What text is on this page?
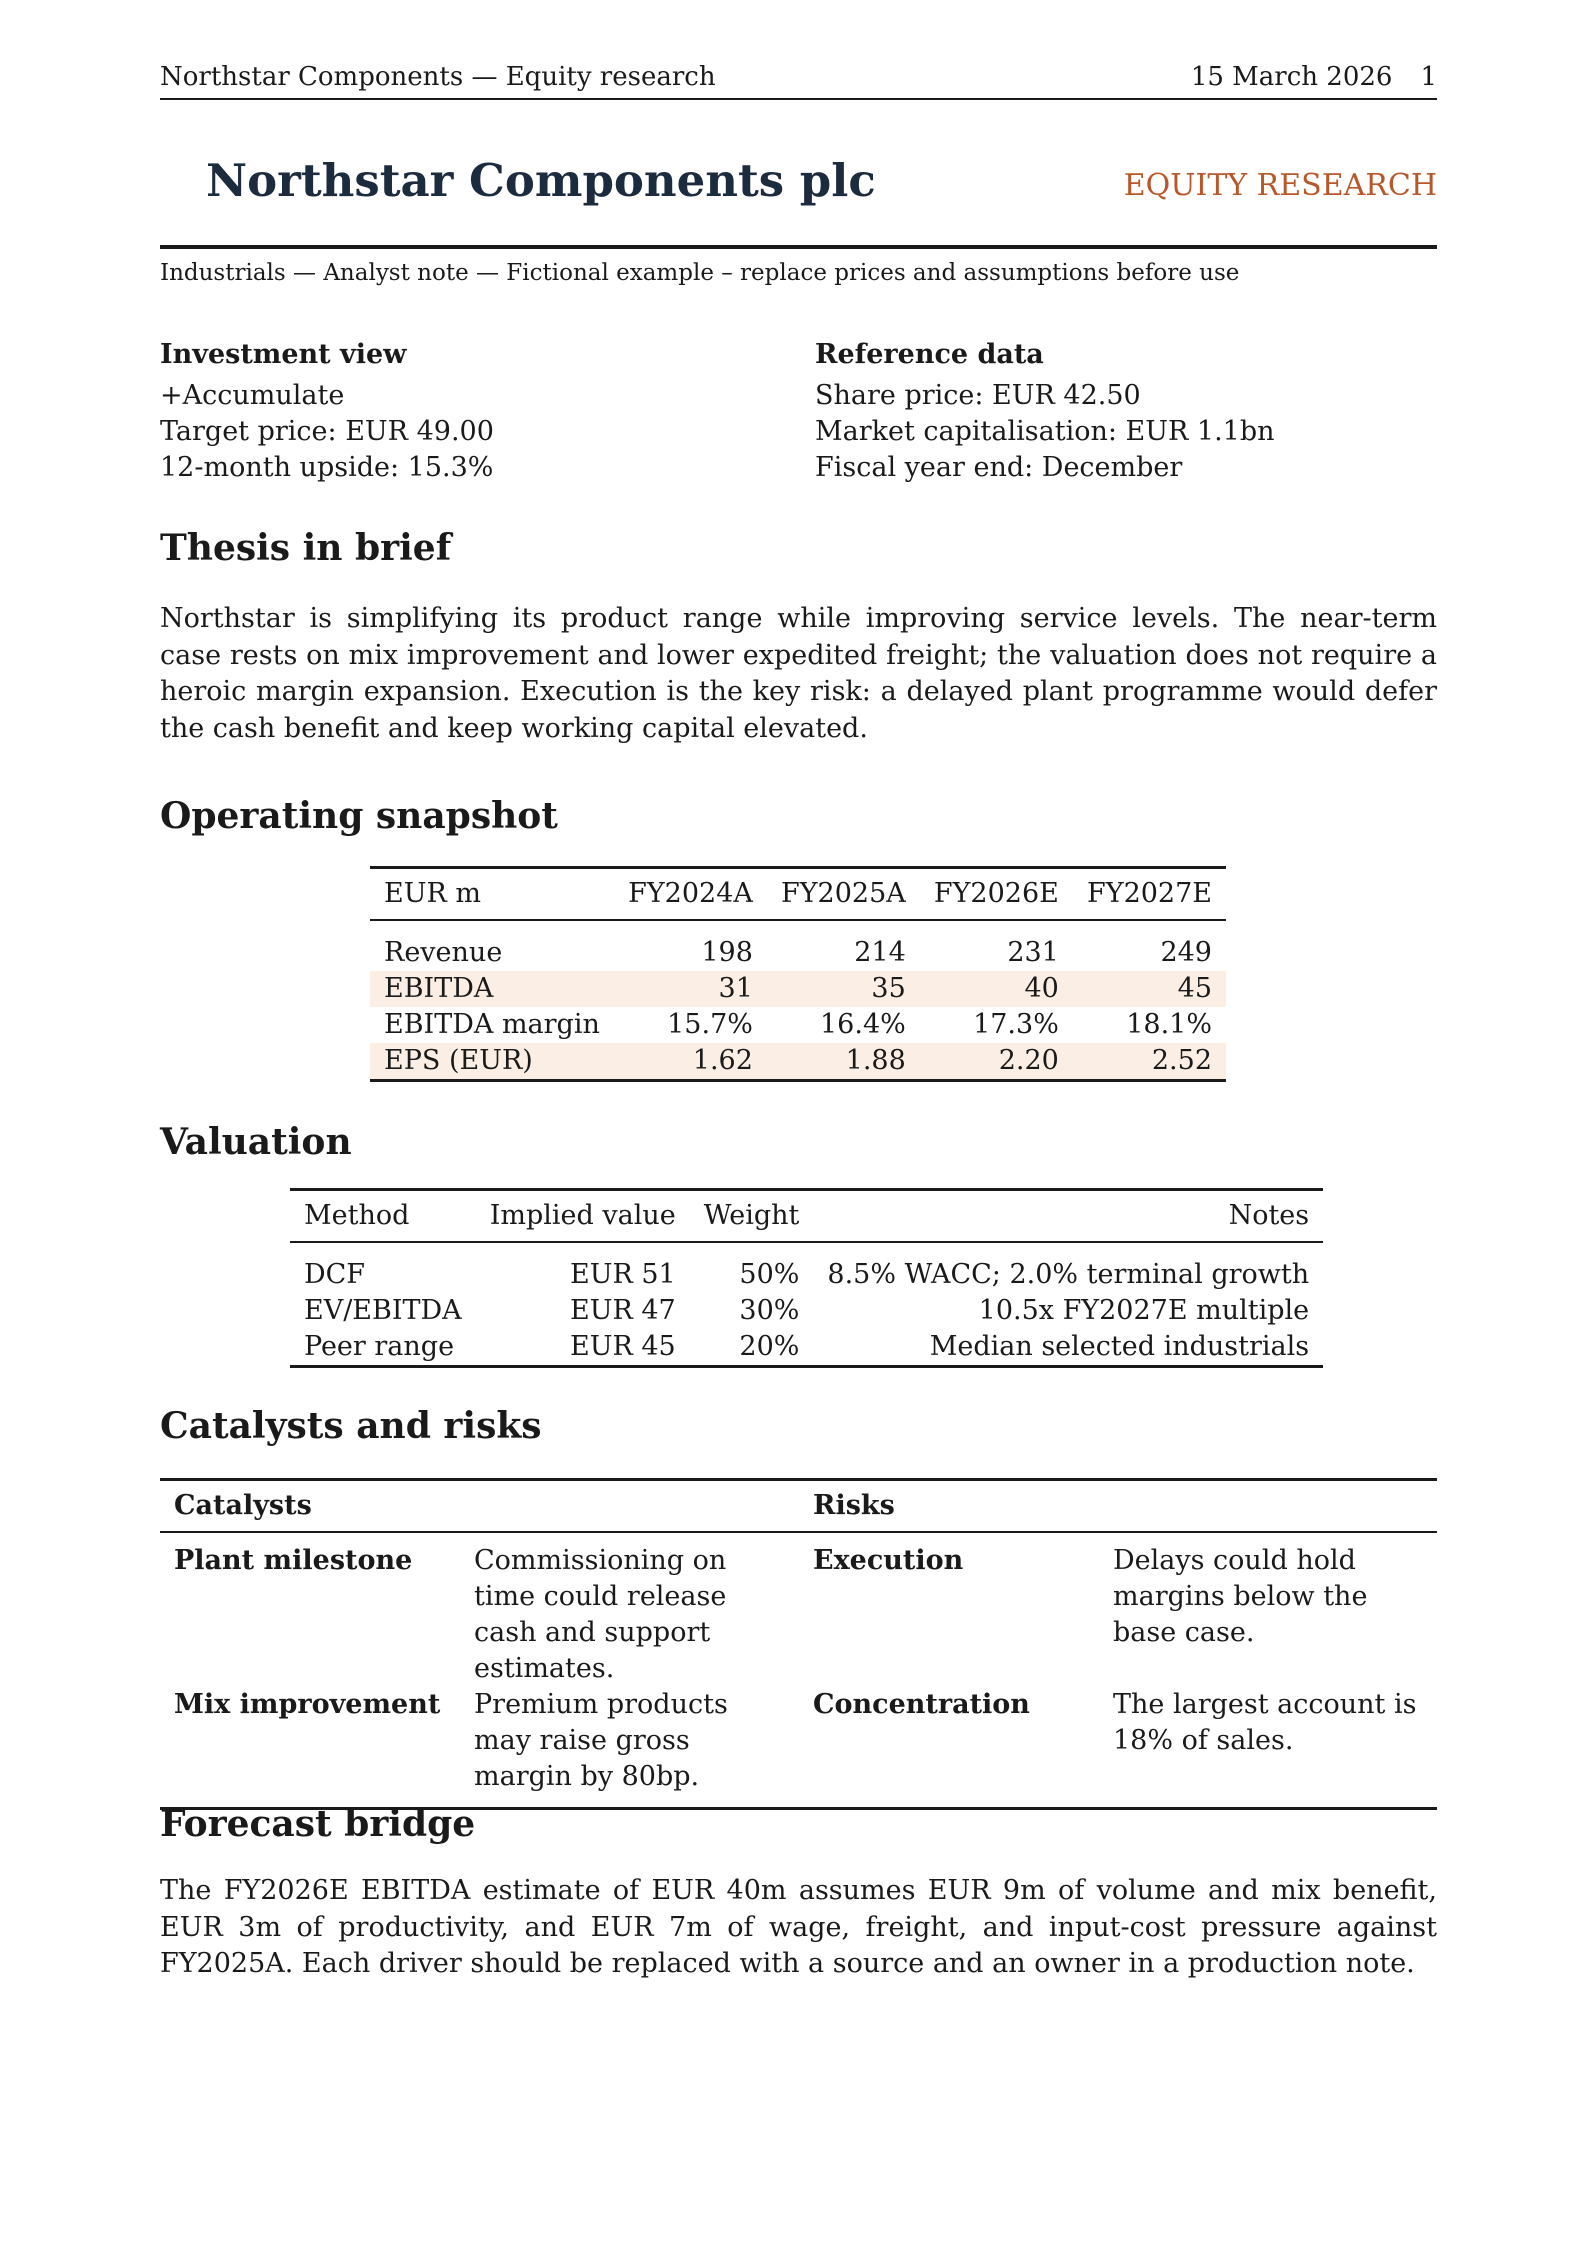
Northstar Components — Equity research	15 March 2026 1
Northstar Components plc	EQUITY RESEARCH
Industrials — Analyst note — Fictional example – replace prices and assumptions before use
Investment view
+Accumulate
Target price: EUR 49.00
12-month upside: 15.3%
Reference data
Share price: EUR 42.50
Market capitalisation: EUR 1.1bn
Fiscal year end: December
Thesis in brief

Northstar is simplifying its product range while improving service levels. The near-term case rests on mix improvement and lower expedited freight; the valuation does not require a heroic margin expansion. Execution is the key risk: a delayed plant programme would defer the cash benefit and keep working capital elevated.

Operating snapshot
EUR m	FY2024A	FY2025A	FY2026E	FY2027E

Revenue	198	214	231	249
EBITDA	31	35	40	45
EBITDA margin	15.7%	16.4%	17.3%	18.1%
EPS (EUR)	1.62	1.88	2.20	2.52
Valuation
Method	Implied value	Weight	Notes

DCF	EUR 51	50%	8.5% WACC; 2.0% terminal growth
EV/EBITDA	EUR 47	30%	10.5x FY2027E multiple
Peer range	EUR 45	20%	Median selected industrials
Catalysts and risks
Catalysts		Risks	

Plant milestone	Commissioning on time could release cash and support estimates.	Execution	Delays could hold margins below the base case.
Mix improvement	Premium products may raise gross margin by 80bp.	Concentration	The largest account is 18% of sales.
Forecast bridge

The FY2026E EBITDA estimate of EUR 40m assumes EUR 9m of volume and mix benefit, EUR 3m of productivity, and EUR 7m of wage, freight, and input-cost pressure against FY2025A. Each driver should be replaced with a source and an owner in a production note.
